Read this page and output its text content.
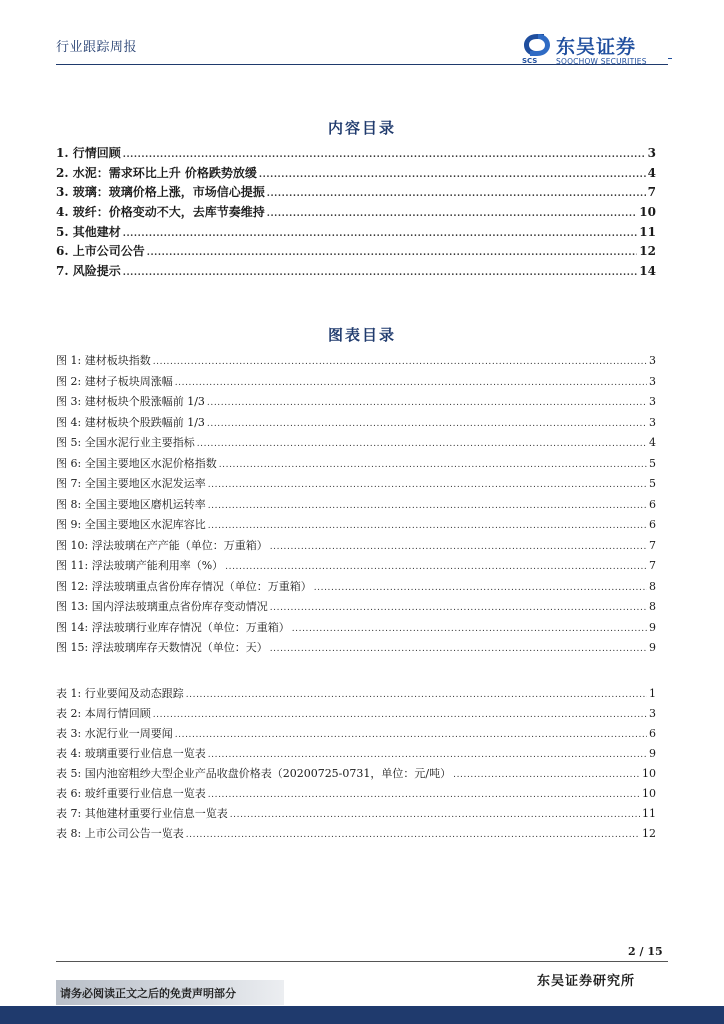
行业跟踪周报	东吴证券
SCS SOOCHOW SECURITIES
内容目录
1. 行情回顾 .....	3
2. 水泥：需求环比上升 价格跌势放缓 .....	4
3. 玻璃：玻璃价格上涨，市场信心提振 .....	7
4. 玻纤：价格变动不大，去库节奏维持 .....	10
5. 其他建材 .....	11
6. 上市公司公告 .....	12
7. 风险提示 .....	14
图表目录
图 1: 建材板块指数 .....	3
图 2: 建材子板块周涨幅 .....	3
图 3: 建材板块个股涨幅前 1/3 .....	3
图 4: 建材板块个股跌幅前 1/3 .....	3
图 5: 全国水泥行业主要指标 .....	4
图 6: 全国主要地区水泥价格指数 .....	5
图 7: 全国主要地区水泥发运率 .....	5
图 8: 全国主要地区磨机运转率 .....	6
图 9: 全国主要地区水泥库容比 .....	6
图 10: 浮法玻璃在产产能（单位：万重箱） .....	7
图 11: 浮法玻璃产能利用率（%） .....	7
图 12: 浮法玻璃重点省份库存情况（单位：万重箱） .....	8
图 13: 国内浮法玻璃重点省份库存变动情况 .....	8
图 14: 浮法玻璃行业库存情况（单位：万重箱） .....	9
图 15: 浮法玻璃库存天数情况（单位：天） .....	9
表 1: 行业要闻及动态跟踪 .....	1
表 2: 本周行情回顾 .....	3
表 3: 水泥行业一周要闻 .....	6
表 4: 玻璃重要行业信息一览表 .....	9
表 5: 国内池窑粗纱大型企业产品收盘价格表（20200725-0731，单位：元/吨） .....	10
表 6: 玻纤重要行业信息一览表 .....	10
表 7: 其他建材重要行业信息一览表 .....	11
表 8: 上市公司公告一览表 .....	12
2 / 15
东吴证券研究所
请务必阅读正文之后的免责声明部分
